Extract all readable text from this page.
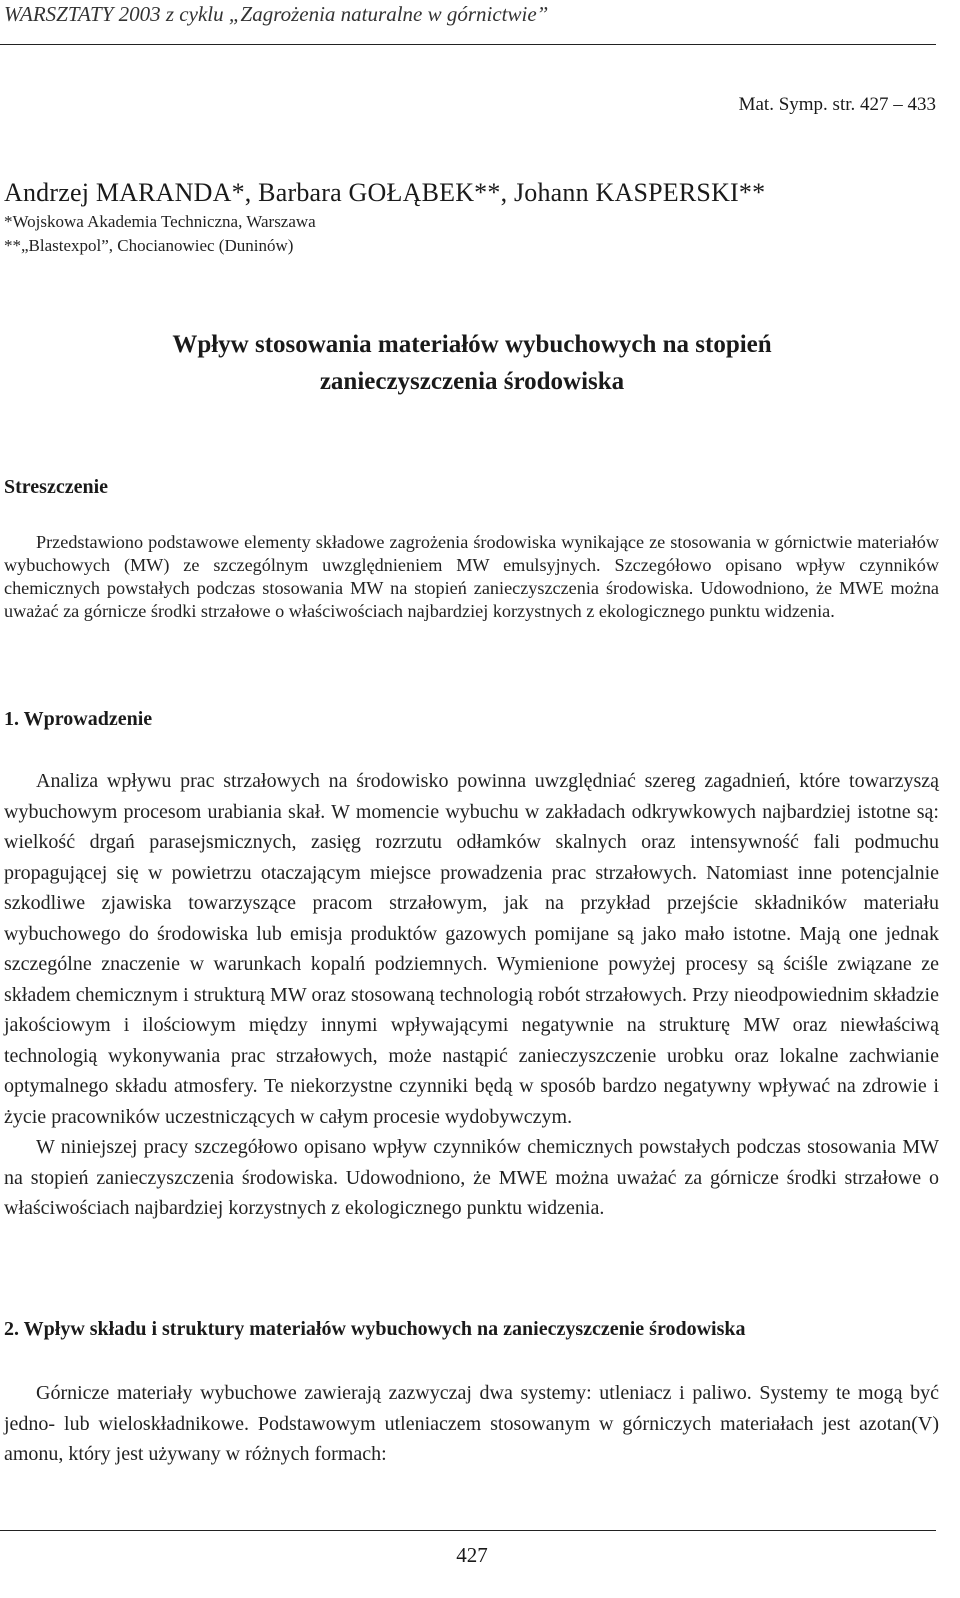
WARSZTATY 2003 z cyklu „Zagrożenia naturalne w górnictwie”
Mat. Symp. str. 427 – 433
Andrzej MARANDA*, Barbara GOŁĄBEK**, Johann KASPERSKI**
*Wojskowa Akademia Techniczna, Warszawa
**„Blastexpol”, Chocianowiec (Duninów)
Wpływ stosowania materiałów wybuchowych na stopień
zanieczyszczenia środowiska
Streszczenie
Przedstawiono podstawowe elementy składowe zagrożenia środowiska wynikające ze stosowania w górnictwie materiałów wybuchowych (MW) ze szczególnym uwzględnieniem MW emulsyjnych. Szczegółowo opisano wpływ czynników chemicznych powstałych podczas stosowania MW na stopień zanieczyszczenia środowiska. Udowodniono, że MWE można uważać za górnicze środki strzałowe o właściwościach najbardziej korzystnych z ekologicznego punktu widzenia.
1. Wprowadzenie

Analiza wpływu prac strzałowych na środowisko powinna uwzględniać szereg zagadnień, które towarzyszą wybuchowym procesom urabiania skał. W momencie wybuchu w zakładach odkrywkowych najbardziej istotne są: wielkość drgań parasejsmicznych, zasięg rozrzutu odłamków skalnych oraz intensywność fali podmuchu propagującej się w powietrzu otaczającym miejsce prowadzenia prac strzałowych. Natomiast inne potencjalnie szkodliwe zjawiska towarzyszące pracom strzałowym, jak na przykład przejście składników materiału wybuchowego do środowiska lub emisja produktów gazowych pomijane są jako mało istotne. Mają one jednak szczególne znaczenie w warunkach kopalń podziemnych. Wymienione powyżej procesy są ściśle związane ze składem chemicznym i strukturą MW oraz stosowaną technologią robót strzałowych. Przy nieodpowiednim składzie jakościowym i ilościowym między innymi wpływającymi negatywnie na strukturę MW oraz niewłaściwą technologią wykonywania prac strzałowych, może nastąpić zanieczyszczenie urobku oraz lokalne zachwianie optymalnego składu atmosfery. Te niekorzystne czynniki będą w sposób bardzo negatywny wpływać na zdrowie i życie pracowników uczestniczących w całym procesie wydobywczym.

W niniejszej pracy szczegółowo opisano wpływ czynników chemicznych powstałych podczas stosowania MW na stopień zanieczyszczenia środowiska. Udowodniono, że MWE można uważać za górnicze środki strzałowe o właściwościach najbardziej korzystnych z ekologicznego punktu widzenia.

2. Wpływ składu i struktury materiałów wybuchowych na zanieczyszczenie środowiska

Górnicze materiały wybuchowe zawierają zazwyczaj dwa systemy: utleniacz i paliwo. Systemy te mogą być jedno- lub wieloskładnikowe. Podstawowym utleniaczem stosowanym w górniczych materiałach jest azotan(V) amonu, który jest używany w różnych formach:

427
